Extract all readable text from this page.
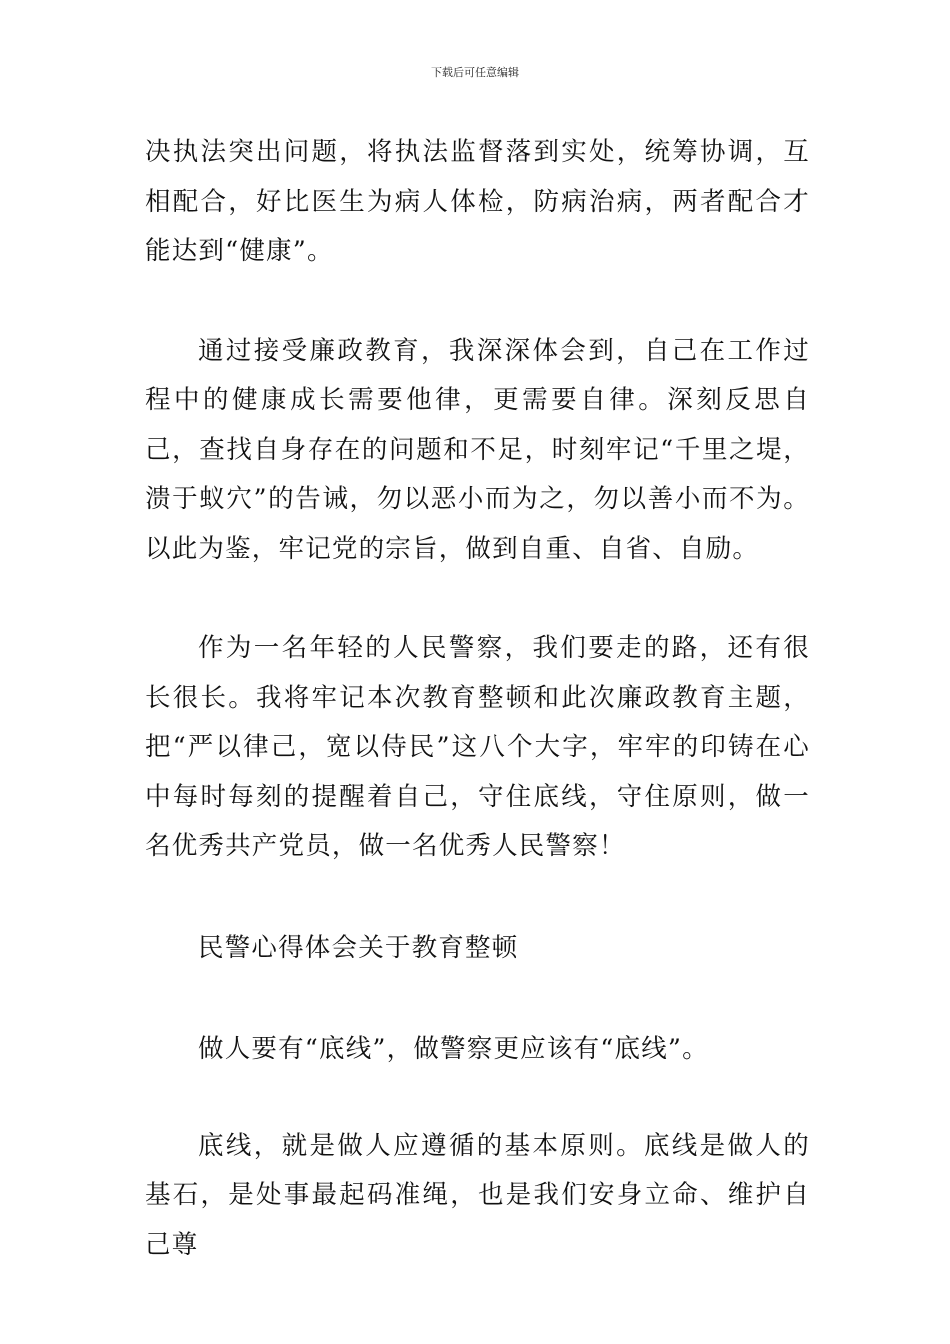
下载后可任意编辑

决执法突出问题，将执法监督落到实处，统筹协调，互相配合，好比医生为病人体检，防病治病，两者配合才能达到“健康”。

通过接受廉政教育，我深深体会到，自己在工作过程中的健康成长需要他律，更需要自律。深刻反思自己，查找自身存在的问题和不足，时刻牢记“千里之堤，溃于蚁穴”的告诫，勿以恶小而为之，勿以善小而不为。以此为鉴，牢记党的宗旨，做到自重、自省、自励。

作为一名年轻的人民警察，我们要走的路，还有很长很长。我将牢记本次教育整顿和此次廉政教育主题，把“严以律己，宽以侍民”这八个大字，牢牢的印铸在心中每时每刻的提醒着自己，守住底线，守住原则，做一名优秀共产党员，做一名优秀人民警察！

民警心得体会关于教育整顿

做人要有“底线”，做警察更应该有“底线”。

底线，就是做人应遵循的基本原则。底线是做人的基石，是处事最起码准绳，也是我们安身立命、维护自己尊
